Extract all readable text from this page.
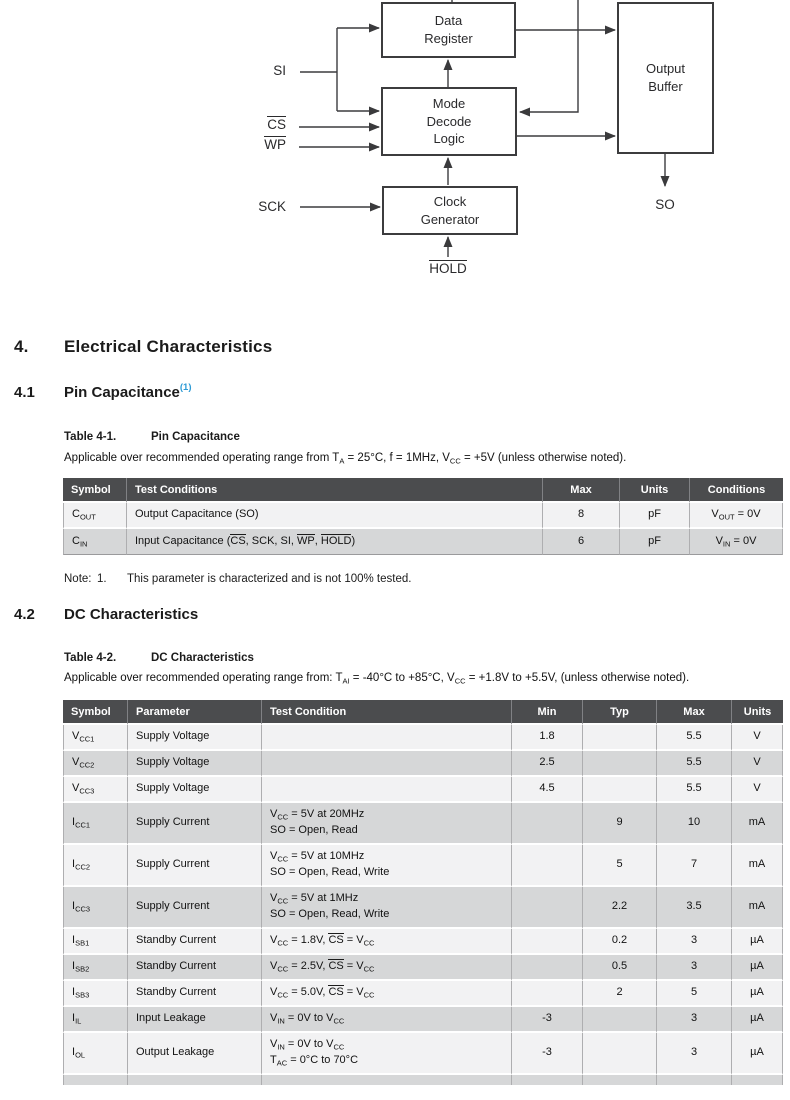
Data
Register
Mode
Decode
Logic
Clock
Generator
Output
Buffer
SI
CS
WP
SCK
HOLD
SO
4. Electrical Characteristics
4.1 Pin Capacitance$^{(1)}$
Table 4-1.	Pin Capacitance
Applicable over recommended operating range from $T_A = 25^\circ C$, f = 1MHz, $V_{CC} = +5V$ (unless otherwise noted).
Symbol	Test Conditions	Max	Units	Conditions
$C_{OUT}$	Output Capacitance (SO)	8	pF	$V_{OUT} = 0V$
$C_{IN}$	Input Capacitance (CS, SCK, SI, WP, HOLD)	6	pF	$V_{IN} = 0V$
Note: 1. This parameter is characterized and is not 100% tested.
4.2 DC Characteristics
Table 4-2.	DC Characteristics
Applicable over recommended operating range from: $T_{AI} = -40^\circ C$ to +85°C, $V_{CC} = +1.8V$ to +5.5V, (unless otherwise noted).
Symbol	Parameter	Test Condition	Min	Typ	Max	Units
$V_{CC1}$	Supply Voltage		1.8		5.5	V
$V_{CC2}$	Supply Voltage		2.5		5.5	V
$V_{CC3}$	Supply Voltage		4.5		5.5	V
$I_{CC1}$	Supply Current	$V_{CC} = 5V$ at 20MHz
SO = Open, Read		9	10	mA
$I_{CC2}$	Supply Current	$V_{CC} = 5V$ at 10MHz
SO = Open, Read, Write		5	7	mA
$I_{CC3}$	Supply Current	$V_{CC} = 5V$ at 1MHz
SO = Open, Read, Write		2.2	3.5	mA
$I_{SB1}$	Standby Current	$V_{CC} = 1.8V$, CS = $V_{CC}$		0.2	3	µA
$I_{SB2}$	Standby Current	$V_{CC} = 2.5V$, CS = $V_{CC}$		0.5	3	µA
$I_{SB3}$	Standby Current	$V_{CC} = 5.0V$, CS = $V_{CC}$		2	5	µA
$I_{IL}$	Input Leakage	$V_{IN} = 0V$ to $V_{CC}$	-3		3	µA
$I_{OL}$	Output Leakage	$V_{IN} = 0V$ to $V_{CC}$
$T_{AC} = 0^\circ C$ to 70°C	-3		3	µA
